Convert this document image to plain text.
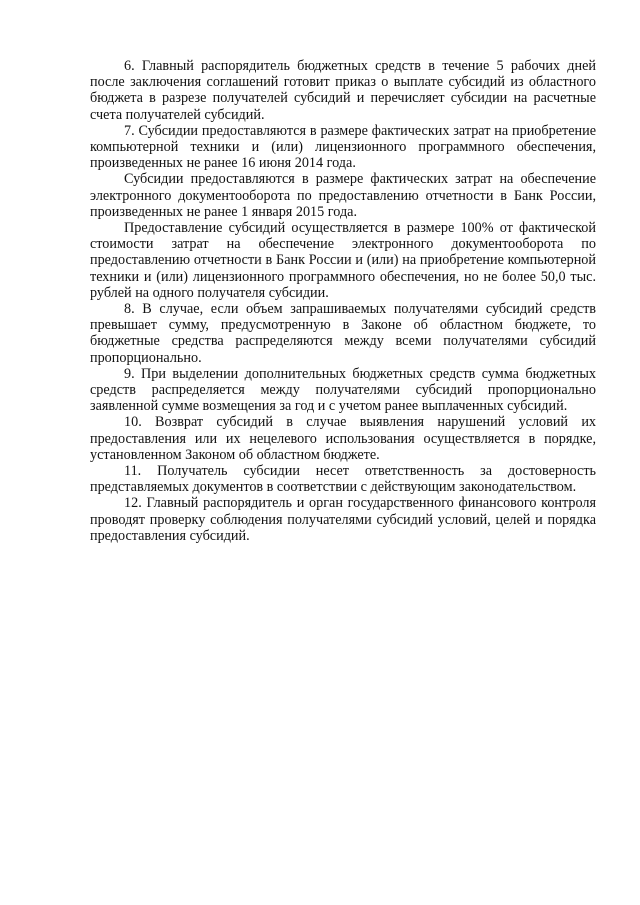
6. Главный распорядитель бюджетных средств в течение 5 рабочих дней после заключения соглашений готовит приказ о выплате субсидий из областного бюджета в разрезе получателей субсидий и перечисляет субсидии на расчетные счета получателей субсидий.

7. Субсидии предоставляются в размере фактических затрат на приобретение компьютерной техники и (или) лицензионного программного обеспечения, произведенных не ранее 16 июня 2014 года.

Субсидии предоставляются в размере фактических затрат на обеспечение электронного документооборота по предоставлению отчетности в Банк России, произведенных не ранее 1 января 2015 года.

Предоставление субсидий осуществляется в размере 100% от фактической стоимости затрат на обеспечение электронного документооборота по предоставлению отчетности в Банк России и (или) на приобретение компьютерной техники и (или) лицензионного программного обеспечения, но не более 50,0 тыс. рублей на одного получателя субсидии.

8. В случае, если объем запрашиваемых получателями субсидий средств превышает сумму, предусмотренную в Законе об областном бюджете, то бюджетные средства распределяются между всеми получателями субсидий пропорционально.

9. При выделении дополнительных бюджетных средств сумма бюджетных средств распределяется между получателями субсидий пропорционально заявленной сумме возмещения за год и с учетом ранее выплаченных субсидий.

10. Возврат субсидий в случае выявления нарушений условий их предоставления или их нецелевого использования осуществляется в порядке, установленном Законом об областном бюджете.

11. Получатель субсидии несет ответственность за достоверность представляемых документов в соответствии с действующим законодательством.

12. Главный распорядитель и орган государственного финансового контроля проводят проверку соблюдения получателями субсидий условий, целей и порядка предоставления субсидий.
